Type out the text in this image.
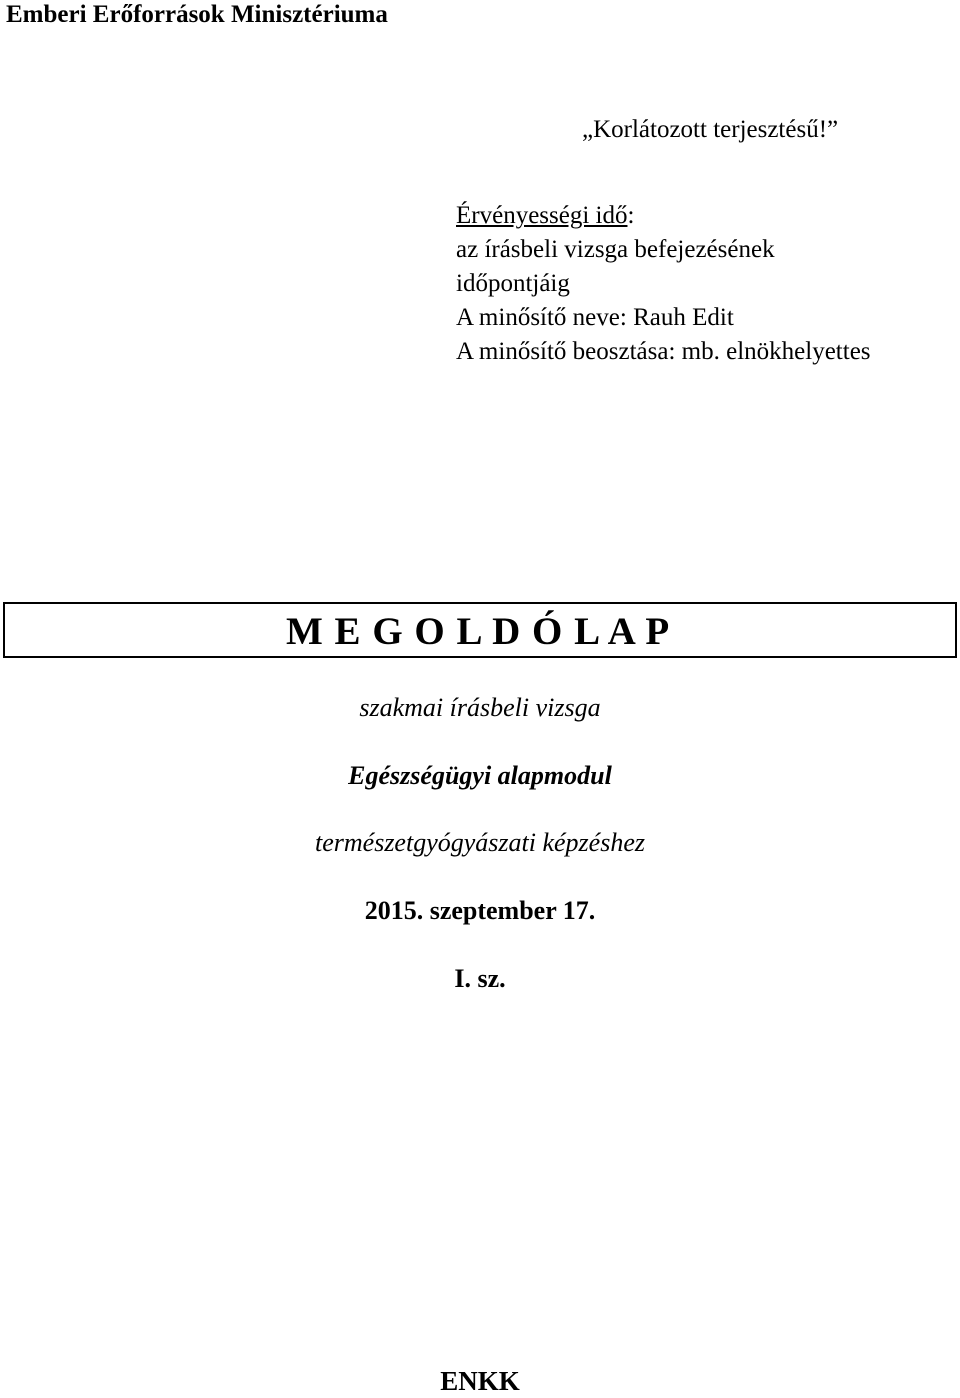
Emberi Erőforrások Minisztériuma
„Korlátozott terjesztésű!”
Érvényességi idő:
az írásbeli vizsga befejezésének
időpontjáig
A minősítő neve: Rauh Edit
A minősítő beosztása: mb. elnökhelyettes
M E G O L D Ó L A P
szakmai írásbeli vizsga
Egészségügyi alapmodul
természetgyógyászati képzéshez
2015. szeptember 17.
I. sz.
ENKK
